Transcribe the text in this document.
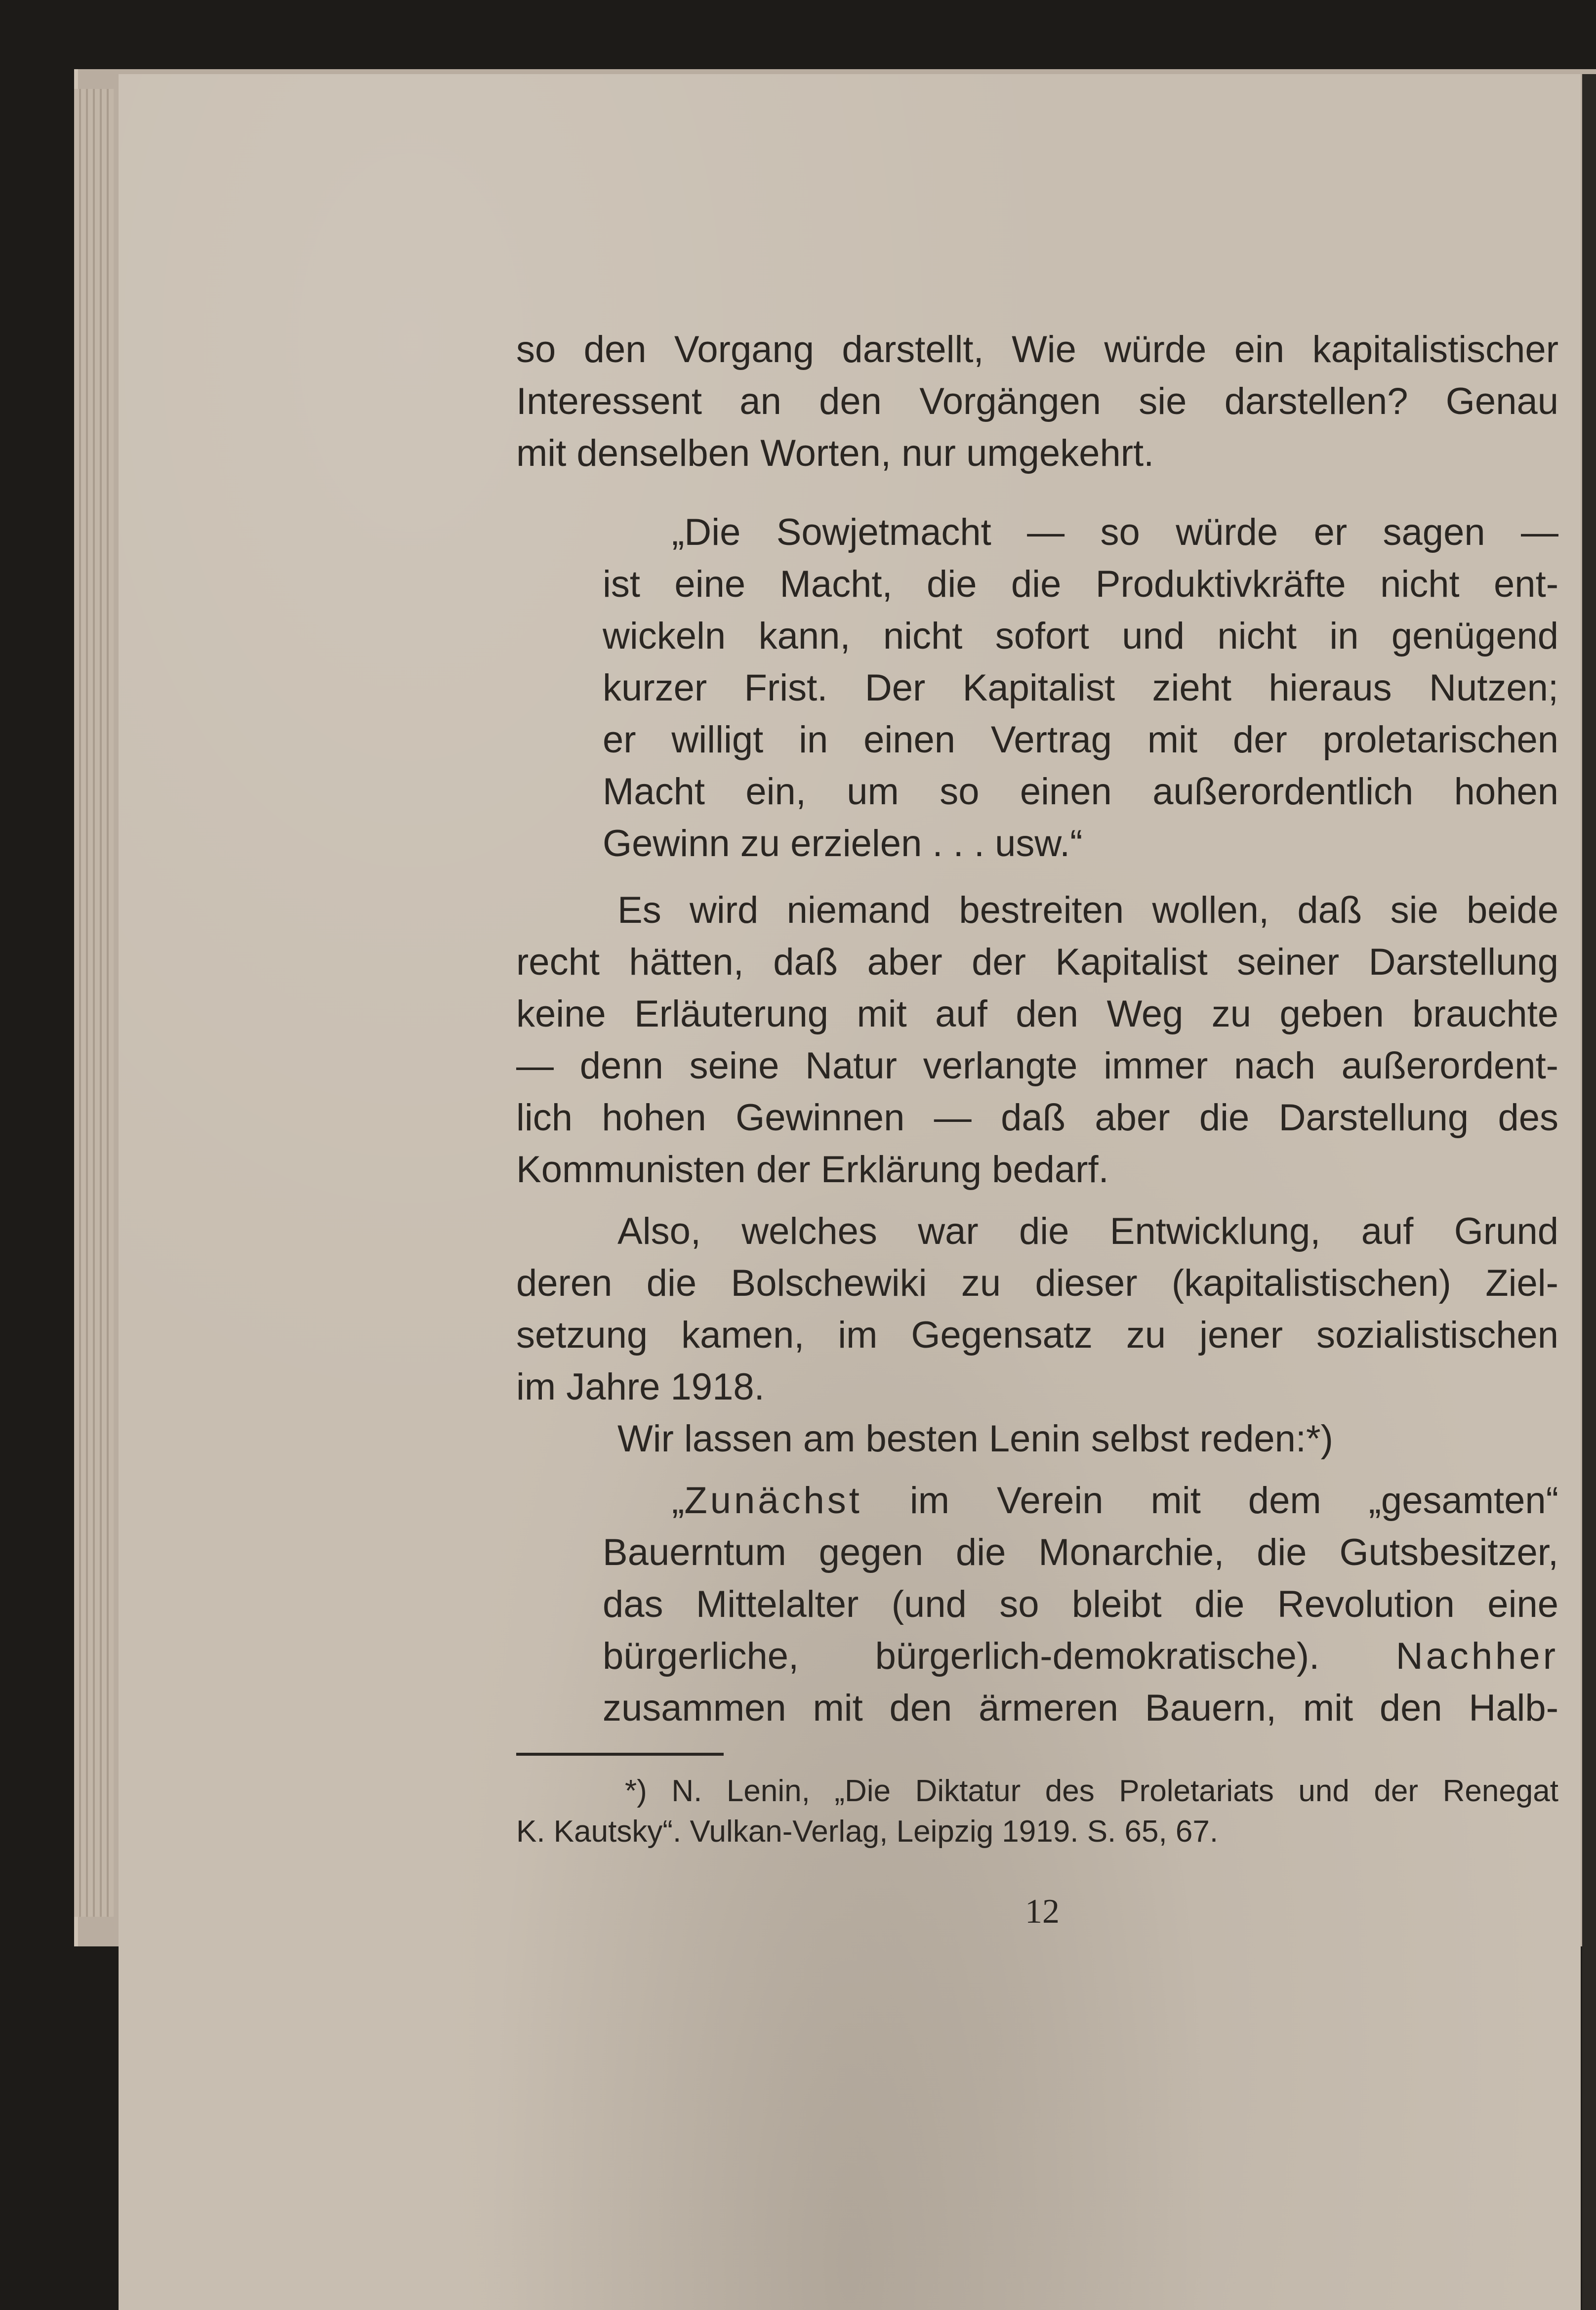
so den Vorgang darstellt, Wie würde ein kapitalistischer
Interessent an den Vorgängen sie darstellen? Genau
mit denselben Worten, nur umgekehrt.
„Die Sowjetmacht — so würde er sagen —
ist eine Macht, die die Produktivkräfte nicht ent-
wickeln kann, nicht sofort und nicht in genügend
kurzer Frist. Der Kapitalist zieht hieraus Nutzen;
er willigt in einen Vertrag mit der proletarischen
Macht ein, um so einen außerordentlich hohen
Gewinn zu erzielen . . . usw.“
Es wird niemand bestreiten wollen, daß sie beide
recht hätten, daß aber der Kapitalist seiner Darstellung
keine Erläuterung mit auf den Weg zu geben brauchte
— denn seine Natur verlangte immer nach außerordent-
lich hohen Gewinnen — daß aber die Darstellung des
Kommunisten der Erklärung bedarf.
Also, welches war die Entwicklung, auf Grund
deren die Bolschewiki zu dieser (kapitalistischen) Ziel-
setzung kamen, im Gegensatz zu jener sozialistischen
im Jahre 1918.
Wir lassen am besten Lenin selbst reden:*)
„Zunächst im Verein mit dem „gesamten“
Bauerntum gegen die Monarchie, die Gutsbesitzer,
das Mittelalter (und so bleibt die Revolution eine
bürgerliche, bürgerlich-demokratische). Nachher
zusammen mit den ärmeren Bauern, mit den Halb-
*) N. Lenin, „Die Diktatur des Proletariats und der Renegat
K. Kautsky“. Vulkan-Verlag, Leipzig 1919. S. 65, 67.
12
